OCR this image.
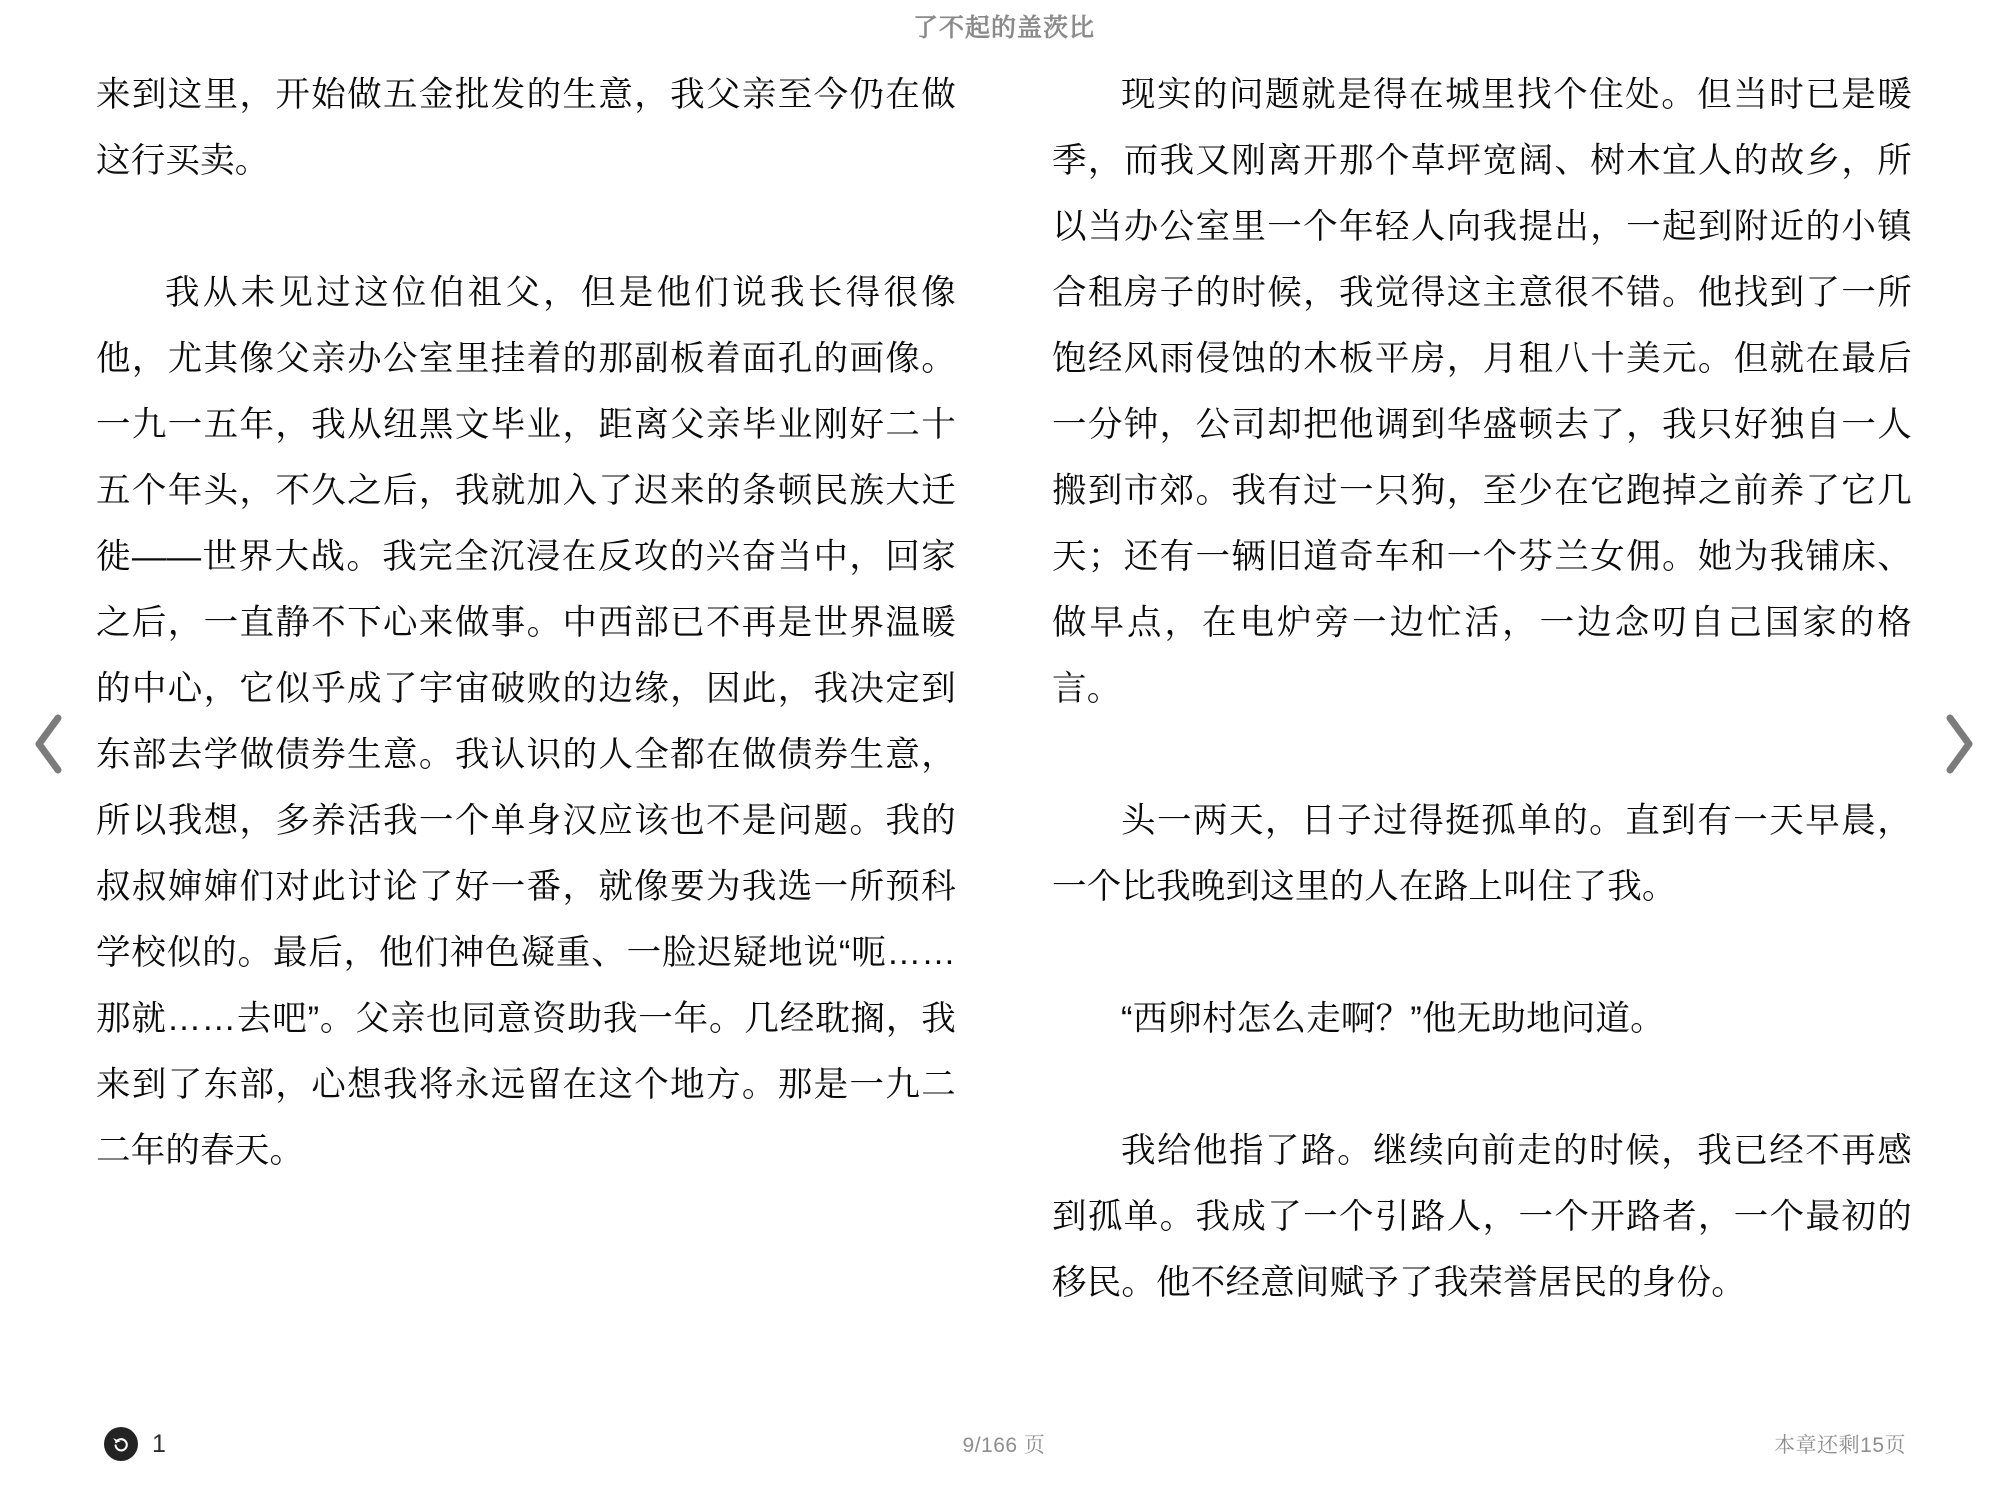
了不起的盖茨比

来到这里，开始做五金批发的生意，我父亲至今仍在做这行买卖。

我从未见过这位伯祖父，但是他们说我长得很像他，尤其像父亲办公室里挂着的那副板着面孔的画像。一九一五年，我从纽黑文毕业，距离父亲毕业刚好二十五个年头，不久之后，我就加入了迟来的条顿民族大迁徙——世界大战。我完全沉浸在反攻的兴奋当中，回家之后，一直静不下心来做事。中西部已不再是世界温暖的中心，它似乎成了宇宙破败的边缘，因此，我决定到东部去学做债券生意。我认识的人全都在做债券生意，所以我想，多养活我一个单身汉应该也不是问题。我的叔叔婶婶们对此讨论了好一番，就像要为我选一所预科学校似的。最后，他们神色凝重、一脸迟疑地说“呃……那就……去吧”。父亲也同意资助我一年。几经耽搁，我来到了东部，心想我将永远留在这个地方。那是一九二二年的春天。

现实的问题就是得在城里找个住处。但当时已是暖季，而我又刚离开那个草坪宽阔、树木宜人的故乡，所以当办公室里一个年轻人向我提出，一起到附近的小镇合租房子的时候，我觉得这主意很不错。他找到了一所饱经风雨侵蚀的木板平房，月租八十美元。但就在最后一分钟，公司却把他调到华盛顿去了，我只好独自一人搬到市郊。我有过一只狗，至少在它跑掉之前养了它几天；还有一辆旧道奇车和一个芬兰女佣。她为我铺床、做早点，在电炉旁一边忙活，一边念叨自己国家的格言。

头一两天，日子过得挺孤单的。直到有一天早晨，一个比我晚到这里的人在路上叫住了我。

“西卵村怎么走啊？”他无助地问道。

我给他指了路。继续向前走的时候，我已经不再感到孤单。我成了一个引路人，一个开路者，一个最初的移民。他不经意间赋予了我荣誉居民的身份。

1	9/166 页	本章还剩15页
